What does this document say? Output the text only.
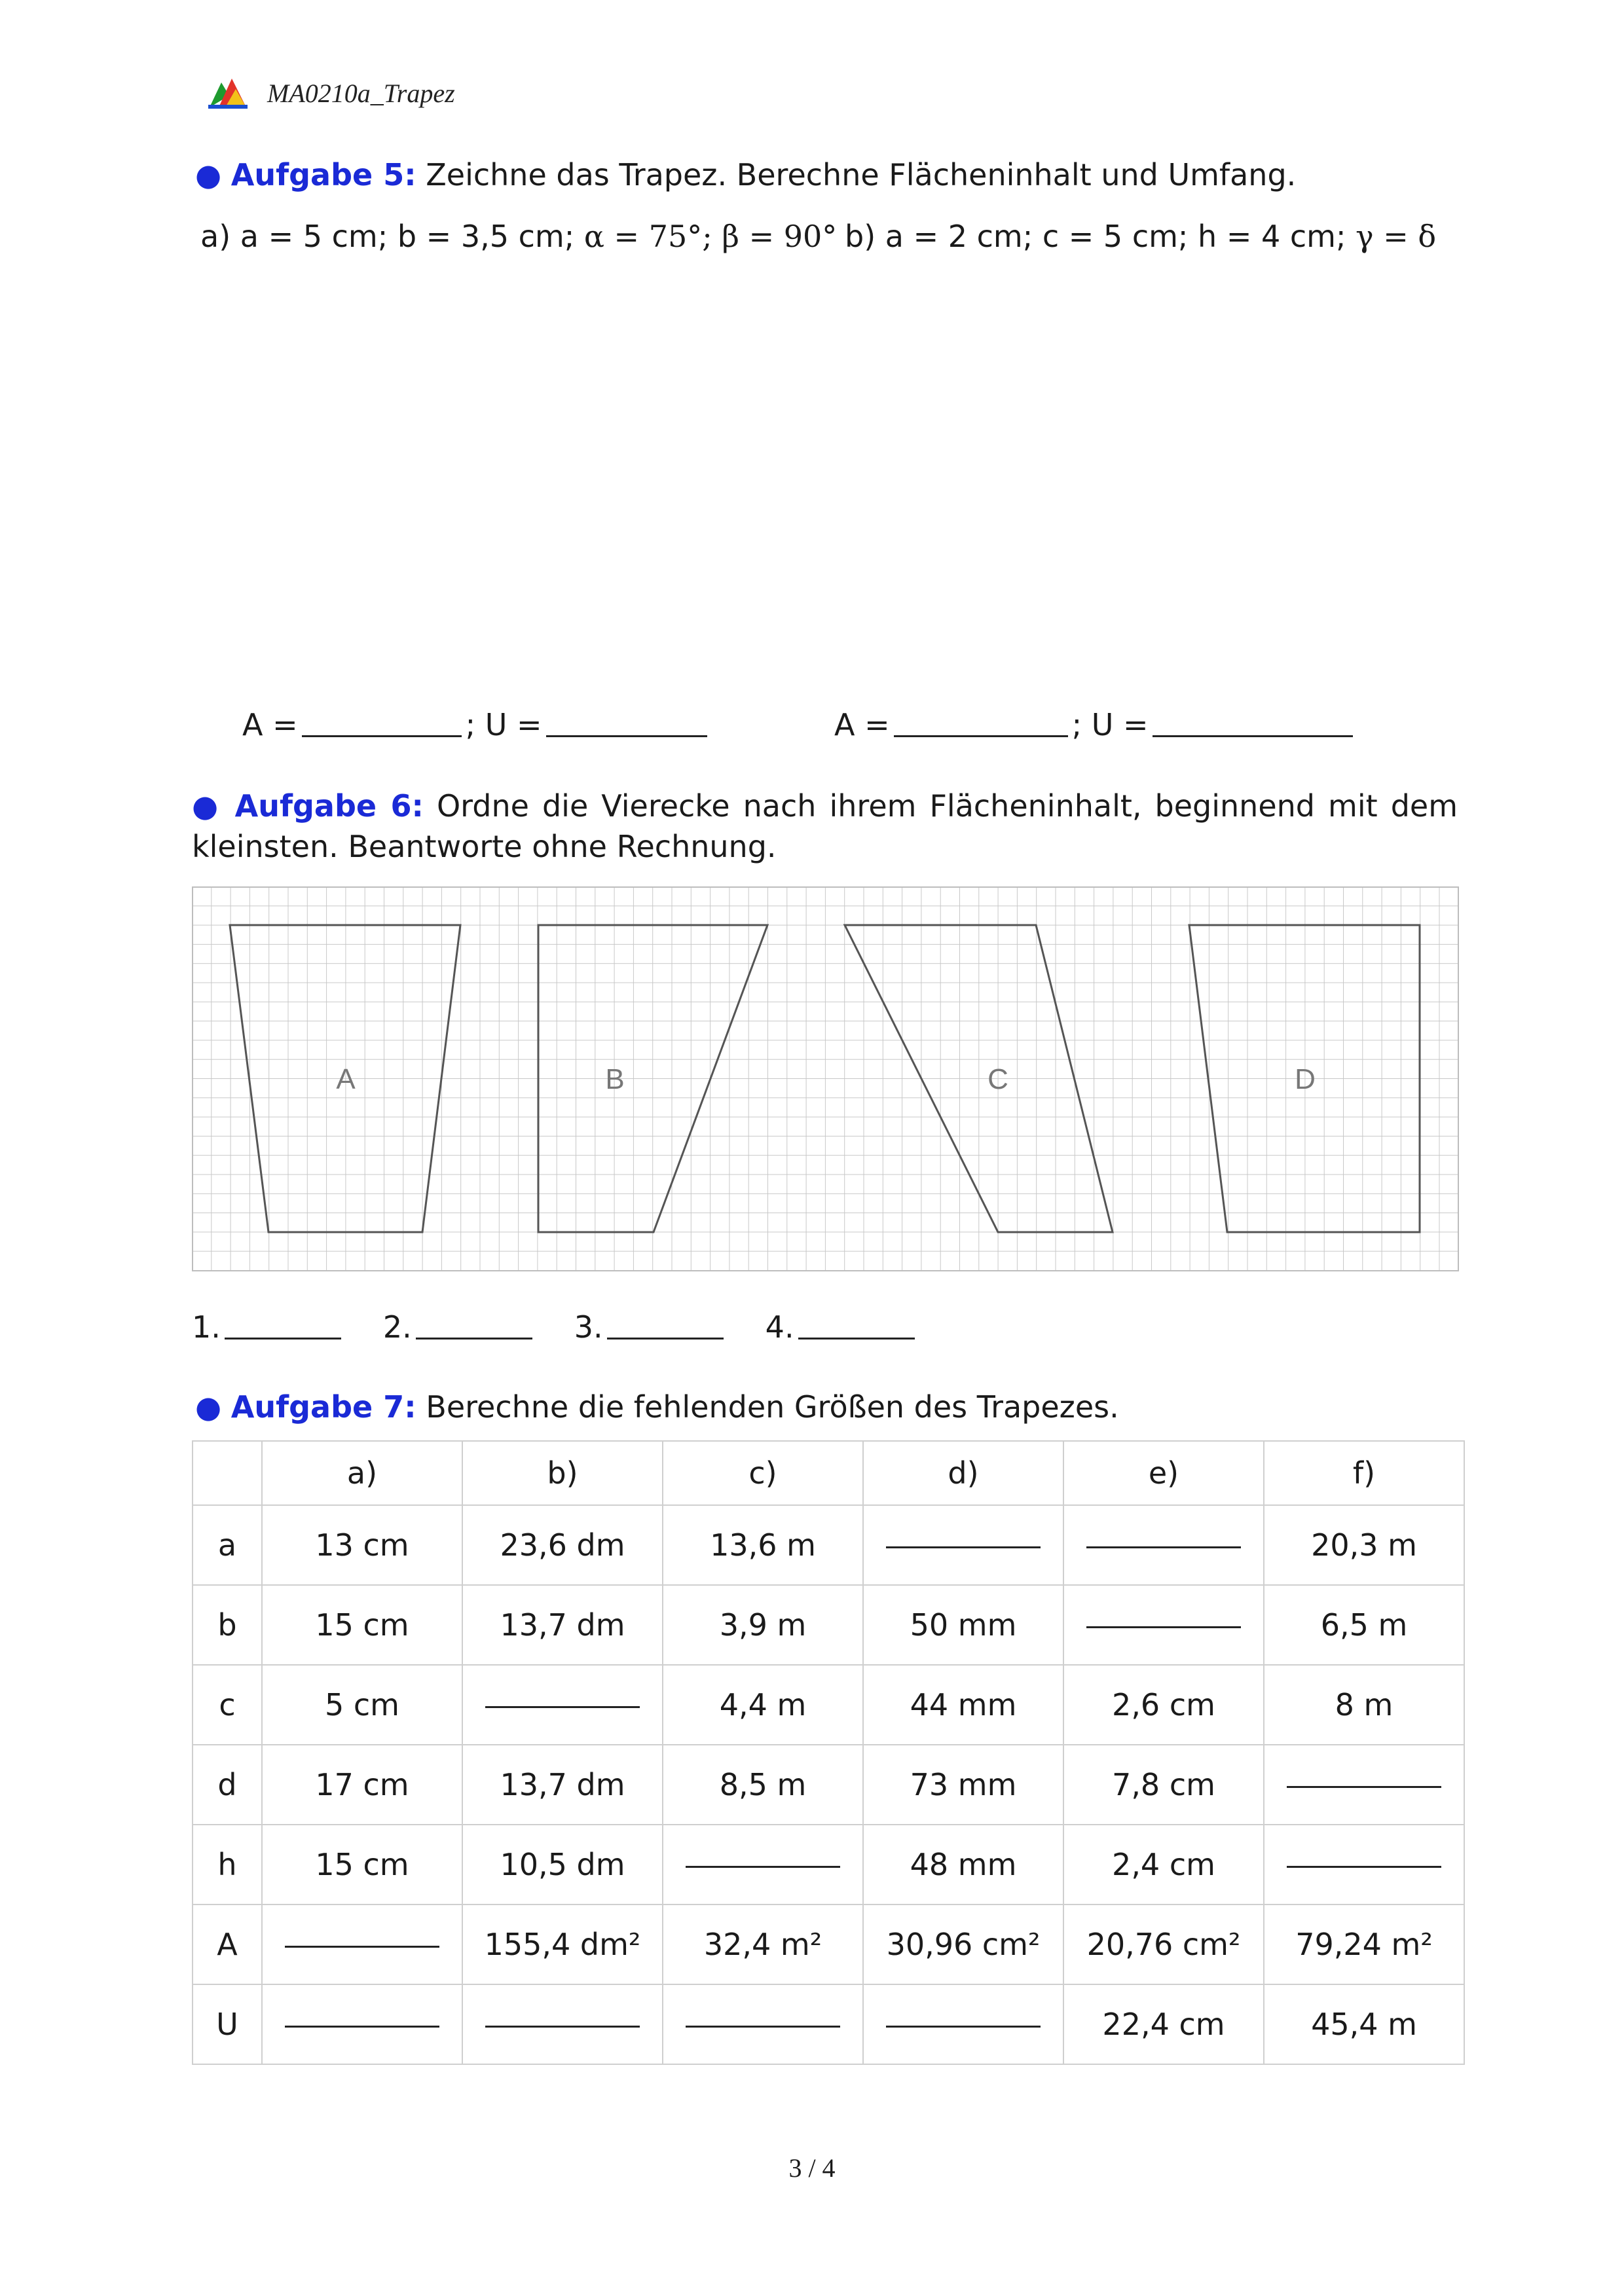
MA0210a_Trapez
● Aufgabe 5: Zeichne das Trapez. Berechne Flächeninhalt und Umfang.
a) a = 5 cm; b = 3,5 cm; α = 75°; β = 90° b) a = 2 cm; c = 5 cm; h = 4 cm; γ = δ
A =	; U =	A =	; U =
● Aufgabe 6: Ordne die Vierecke nach ihrem Flächeninhalt, beginnend mit dem kleinsten. Beantworte ohne Rechnung.
A	B	C	D
1.	2.	3.	4.
● Aufgabe 7: Berechne die fehlenden Größen des Trapezes.
	a)	b)	c)	d)	e)	f)
a	13 cm	23,6 dm	13,6 m			20,3 m
b	15 cm	13,7 dm	3,9 m	50 mm		6,5 m
c	5 cm		4,4 m	44 mm	2,6 cm	8 m
d	17 cm	13,7 dm	8,5 m	73 mm	7,8 cm	
h	15 cm	10,5 dm		48 mm	2,4 cm	
A		155,4 dm²	32,4 m²	30,96 cm²	20,76 cm²	79,24 m²
U					22,4 cm	45,4 m
3 / 4
